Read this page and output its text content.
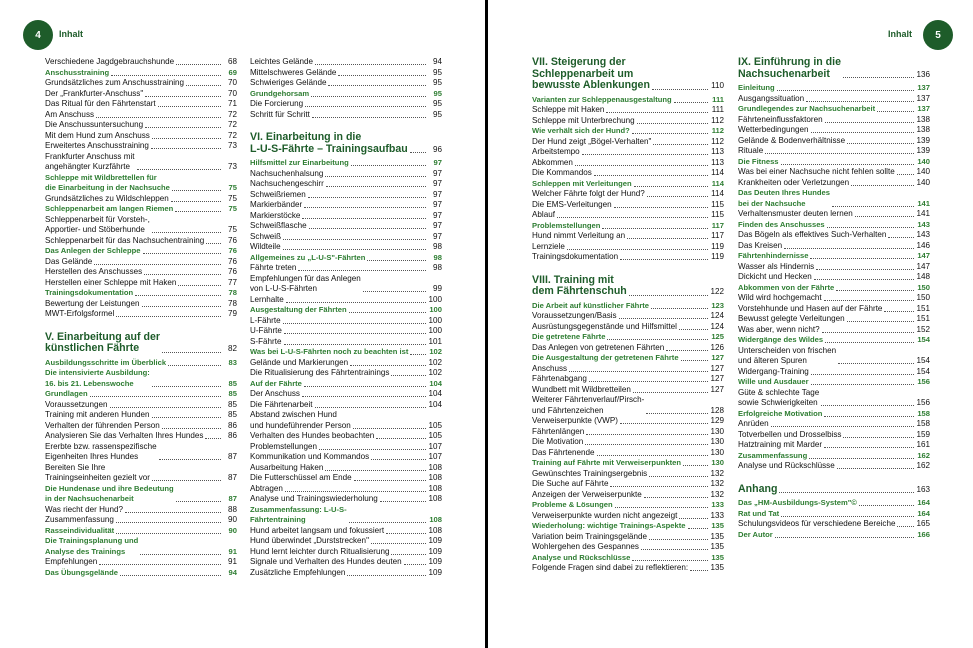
4	Inhalt	Inhalt	5
Verschiedene Jagdgebrauchshunde	68
Anschusstraining	69
Grundsätzliches zum Anschusstraining	70
Der „Frankfurter-Anschuss"	70
Das Ritual für den Fährtenstart	71
Am Anschuss	72
Die Anschussuntersuchung	72
Mit dem Hund zum Anschuss	72
Erweitertes Anschusstraining	73
Frankfurter Anschuss mit
angehängter Kurzfährte	73
Schleppe mit Wildbrettellen für
die Einarbeitung in der Nachsuche	75
Grundsätzliches zu Wildschleppen	75
Schleppenarbeit am langen Riemen	75
Schleppenarbeit für Vorsteh-,
Apportier- und Stöberhunde	75
Schleppenarbeit für das Nachsuchentraining	76
Das Anlegen der Schleppe	76
Das Gelände	76
Herstellen des Anschusses	76
Herstellen einer Schleppe mit Haken	77
Trainingsdokumentation	78
Bewertung der Leistungen	78
MWT-Erfolgsformel	79
V. Einarbeitung auf der
künstlichen Fährte	82
Ausbildungsschritte im Überblick	83
Die intensivierte Ausbildung:
16. bis 21. Lebenswoche	85
Grundlagen	85
Voraussetzungen	85
Training mit anderen Hunden	85
Verhalten der führenden Person	86
Analysieren Sie das Verhalten Ihres Hundes	86
Ererbte bzw. rassenspezifische
Eigenheiten Ihres Hundes	87
Bereiten Sie Ihre
Trainingseinheiten gezielt vor	87
Die Hundenase und ihre Bedeutung
in der Nachsuchenarbeit	87
Was riecht der Hund?	88
Zusammenfassung	90
Rasseindividualität	90
Die Trainingsplanung und
Analyse des Trainings	91
Empfehlungen	91
Das Übungsgelände	94
Leichtes Gelände	94
Mittelschweres Gelände	95
Schwieriges Gelände	95
Grundgehorsam	95
Die Forcierung	95
Schritt für Schritt	95
VI. Einarbeitung in die
L-U-S-Fährte – Trainingsaufbau	96
Hilfsmittel zur Einarbeitung	97
Nachsuchenhalsung	97
Nachsuchengeschirr	97
Schweißriemen	97
Markierbänder	97
Markierstöcke	97
Schweißflasche	97
Schweiß	97
Wildteile	98
Allgemeines zu „L-U-S"-Fährten	98
Fährte treten	98
Empfehlungen für das Anlegen
von L-U-S-Fährten	99
Lernhalte	100
Ausgestaltung der Fährten	100
L-Fährte	100
U-Fährte	100
S-Fährte	101
Was bei L-U-S-Fährten noch zu beachten ist	102
Gelände und Markierungen	102
Die Ritualisierung des Fährtentrainings	102
Auf der Fährte	104
Der Anschuss	104
Die Fährtenarbeit	104
Abstand zwischen Hund
und hundeführender Person	105
Verhalten des Hundes beobachten	105
Problemstellungen	107
Kommunikation und Kommandos	107
Ausarbeitung Haken	108
Die Futterschüssel am Ende	108
Abtragen	108
Analyse und Trainingswiederholung	108
Zusammenfassung: L-U-S-
Fährtentraining	108
Hund arbeitet langsam und fokussiert	108
Hund überwindet „Durststrecken"	109
Hund lernt leichter durch Ritualisierung	109
Signale und Verhalten des Hundes deuten	109
Zusätzliche Empfehlungen	109
VII. Steigerung der
Schleppenarbeit um
bewusste Ablenkungen	110
Varianten zur Schleppenausgestaltung	111
Schleppe mit Haken	111
Schleppe mit Unterbrechung	112
Wie verhält sich der Hund?	112
Der Hund zeigt „Bögel-Verhalten"	112
Arbeitstempo	113
Abkommen	113
Die Kommandos	114
Schleppen mit Verleitungen	114
Welcher Fährte folgt der Hund?	114
Die EMS-Verleitungen	115
Ablauf	115
Problemstellungen	117
Hund nimmt Verleitung an	117
Lernziele	119
Trainingsdokumentation	119
VIII. Training mit
dem Fährtenschuh	122
Die Arbeit auf künstlicher Fährte	123
Voraussetzungen/Basis	124
Ausrüstungsgegenstände und Hilfsmittel	124
Die getretene Fährte	125
Das Anlegen von getretenen Fährten	126
Die Ausgestaltung der getretenen Fährte	127
Anschuss	127
Fährtenabgang	127
Wundbett mit Wildbretteilen	127
Weiterer Fährtenverlauf/Pirsch-
und Fährtenzeichen	128
Verweiserpunkte (VWP)	129
Fährtenlängen	130
Die Motivation	130
Das Fährtenende	130
Training auf Fährte mit Verweiserpunkten	130
Gewünschtes Trainingsergebnis	132
Die Suche auf Fährte	132
Anzeigen der Verweiserpunkte	132
Probleme & Lösungen	133
Verweiserpunkte wurden nicht angezeigt	133
Wiederholung: wichtige Trainings-Aspekte	135
Variation beim Trainingsgelände	135
Wohlergehen des Gespannes	135
Analyse und Rückschlüsse	135
Folgende Fragen sind dabei zu reflektieren:	135
IX. Einführung in die
Nachsuchenarbeit	136
Einleitung	137
Ausgangssituation	137
Grundlegendes zur Nachsuchenarbeit	137
Fährteneinflussfaktoren	138
Wetterbedingungen	138
Gelände & Bodenverhältnisse	139
Rituale	139
Die Fitness	140
Was bei einer Nachsuche nicht fehlen sollte	140
Krankheiten oder Verletzungen	140
Das Deuten Ihres Hundes
bei der Nachsuche	141
Verhaltensmuster deuten lernen	141
Finden des Anschusses	143
Das Bögeln als effektives Such-Verhalten	143
Das Kreisen	146
Fährtenhindernisse	147
Wasser als Hindernis	147
Dickicht und Hecken	148
Abkommen von der Fährte	150
Wild wird hochgemacht	150
Vorstehhunde und Hasen auf der Fährte	151
Bewusst gelegte Verleitungen	151
Was aber, wenn nicht?	152
Widergänge des Wildes	154
Unterscheiden von frischen
und älteren Spuren	154
Widergang-Training	154
Wille und Ausdauer	156
Güte & schlechte Tage
sowie Schwierigkeiten	156
Erfolgreiche Motivation	158
Anrüden	158
Totverbellen und Drosselbiss	159
Hatztraining mit Marder	161
Zusammenfassung	162
Analyse und Rückschlüsse	162
Anhang	163
Das „HM-Ausbildungs-System"©	164
Rat und Tat	164
Schulungsvideos für verschiedene Bereiche	165
Der Autor	166
